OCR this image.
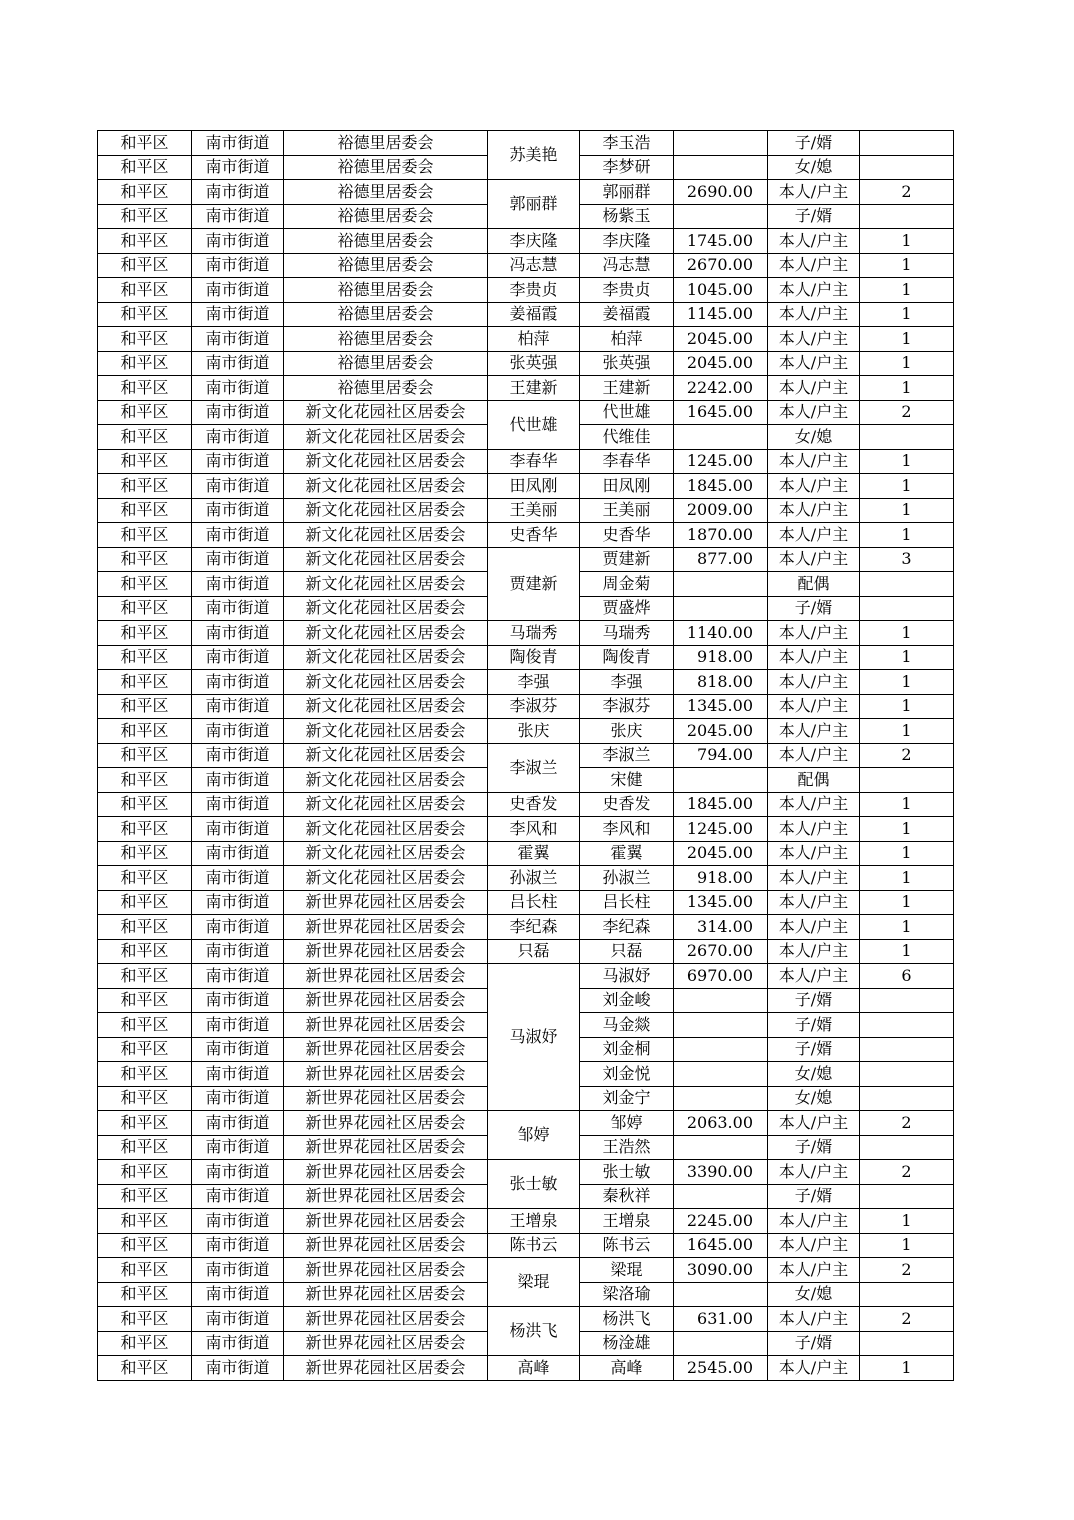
和平区	南市街道	裕德里居委会	苏美艳	李玉浩		子/婿	
和平区	南市街道	裕德里居委会		李梦研		女/媳	
和平区	南市街道	裕德里居委会	郭丽群	郭丽群	2690.00	本人/户主	2
和平区	南市街道	裕德里居委会		杨紫玉		子/婿	
和平区	南市街道	裕德里居委会	李庆隆	李庆隆	1745.00	本人/户主	1
和平区	南市街道	裕德里居委会	冯志慧	冯志慧	2670.00	本人/户主	1
和平区	南市街道	裕德里居委会	李贵贞	李贵贞	1045.00	本人/户主	1
和平区	南市街道	裕德里居委会	姜福霞	姜福霞	1145.00	本人/户主	1
和平区	南市街道	裕德里居委会	柏萍	柏萍	2045.00	本人/户主	1
和平区	南市街道	裕德里居委会	张英强	张英强	2045.00	本人/户主	1
和平区	南市街道	裕德里居委会	王建新	王建新	2242.00	本人/户主	1
和平区	南市街道	新文化花园社区居委会	代世雄	代世雄	1645.00	本人/户主	2
和平区	南市街道	新文化花园社区居委会		代维佳		女/媳	
和平区	南市街道	新文化花园社区居委会	李春华	李春华	1245.00	本人/户主	1
和平区	南市街道	新文化花园社区居委会	田凤刚	田凤刚	1845.00	本人/户主	1
和平区	南市街道	新文化花园社区居委会	王美丽	王美丽	2009.00	本人/户主	1
和平区	南市街道	新文化花园社区居委会	史香华	史香华	1870.00	本人/户主	1
和平区	南市街道	新文化花园社区居委会	贾建新	贾建新	877.00	本人/户主	3
和平区	南市街道	新文化花园社区居委会		周金菊		配偶	
和平区	南市街道	新文化花园社区居委会		贾盛烨		子/婿	
和平区	南市街道	新文化花园社区居委会	马瑞秀	马瑞秀	1140.00	本人/户主	1
和平区	南市街道	新文化花园社区居委会	陶俊青	陶俊青	918.00	本人/户主	1
和平区	南市街道	新文化花园社区居委会	李强	李强	818.00	本人/户主	1
和平区	南市街道	新文化花园社区居委会	李淑芬	李淑芬	1345.00	本人/户主	1
和平区	南市街道	新文化花园社区居委会	张庆	张庆	2045.00	本人/户主	1
和平区	南市街道	新文化花园社区居委会	李淑兰	李淑兰	794.00	本人/户主	2
和平区	南市街道	新文化花园社区居委会		宋健		配偶	
和平区	南市街道	新文化花园社区居委会	史香发	史香发	1845.00	本人/户主	1
和平区	南市街道	新文化花园社区居委会	李风和	李风和	1245.00	本人/户主	1
和平区	南市街道	新文化花园社区居委会	霍翼	霍翼	2045.00	本人/户主	1
和平区	南市街道	新文化花园社区居委会	孙淑兰	孙淑兰	918.00	本人/户主	1
和平区	南市街道	新世界花园社区居委会	吕长柱	吕长柱	1345.00	本人/户主	1
和平区	南市街道	新世界花园社区居委会	李纪森	李纪森	314.00	本人/户主	1
和平区	南市街道	新世界花园社区居委会	只磊	只磊	2670.00	本人/户主	1
和平区	南市街道	新世界花园社区居委会	马淑妤	马淑妤	6970.00	本人/户主	6
和平区	南市街道	新世界花园社区居委会		刘金峻		子/婿	
和平区	南市街道	新世界花园社区居委会		马金燚		子/婿	
和平区	南市街道	新世界花园社区居委会		刘金桐		子/婿	
和平区	南市街道	新世界花园社区居委会		刘金悦		女/媳	
和平区	南市街道	新世界花园社区居委会		刘金宁		女/媳	
和平区	南市街道	新世界花园社区居委会	邹婷	邹婷	2063.00	本人/户主	2
和平区	南市街道	新世界花园社区居委会		王浩然		子/婿	
和平区	南市街道	新世界花园社区居委会	张士敏	张士敏	3390.00	本人/户主	2
和平区	南市街道	新世界花园社区居委会		秦秋祥		子/婿	
和平区	南市街道	新世界花园社区居委会	王增泉	王增泉	2245.00	本人/户主	1
和平区	南市街道	新世界花园社区居委会	陈书云	陈书云	1645.00	本人/户主	1
和平区	南市街道	新世界花园社区居委会	梁琨	梁琨	3090.00	本人/户主	2
和平区	南市街道	新世界花园社区居委会		梁洛瑜		女/媳	
和平区	南市街道	新世界花园社区居委会	杨洪飞	杨洪飞	631.00	本人/户主	2
和平区	南市街道	新世界花园社区居委会		杨淦雄		子/婿	
和平区	南市街道	新世界花园社区居委会	高峰	高峰	2545.00	本人/户主	1
